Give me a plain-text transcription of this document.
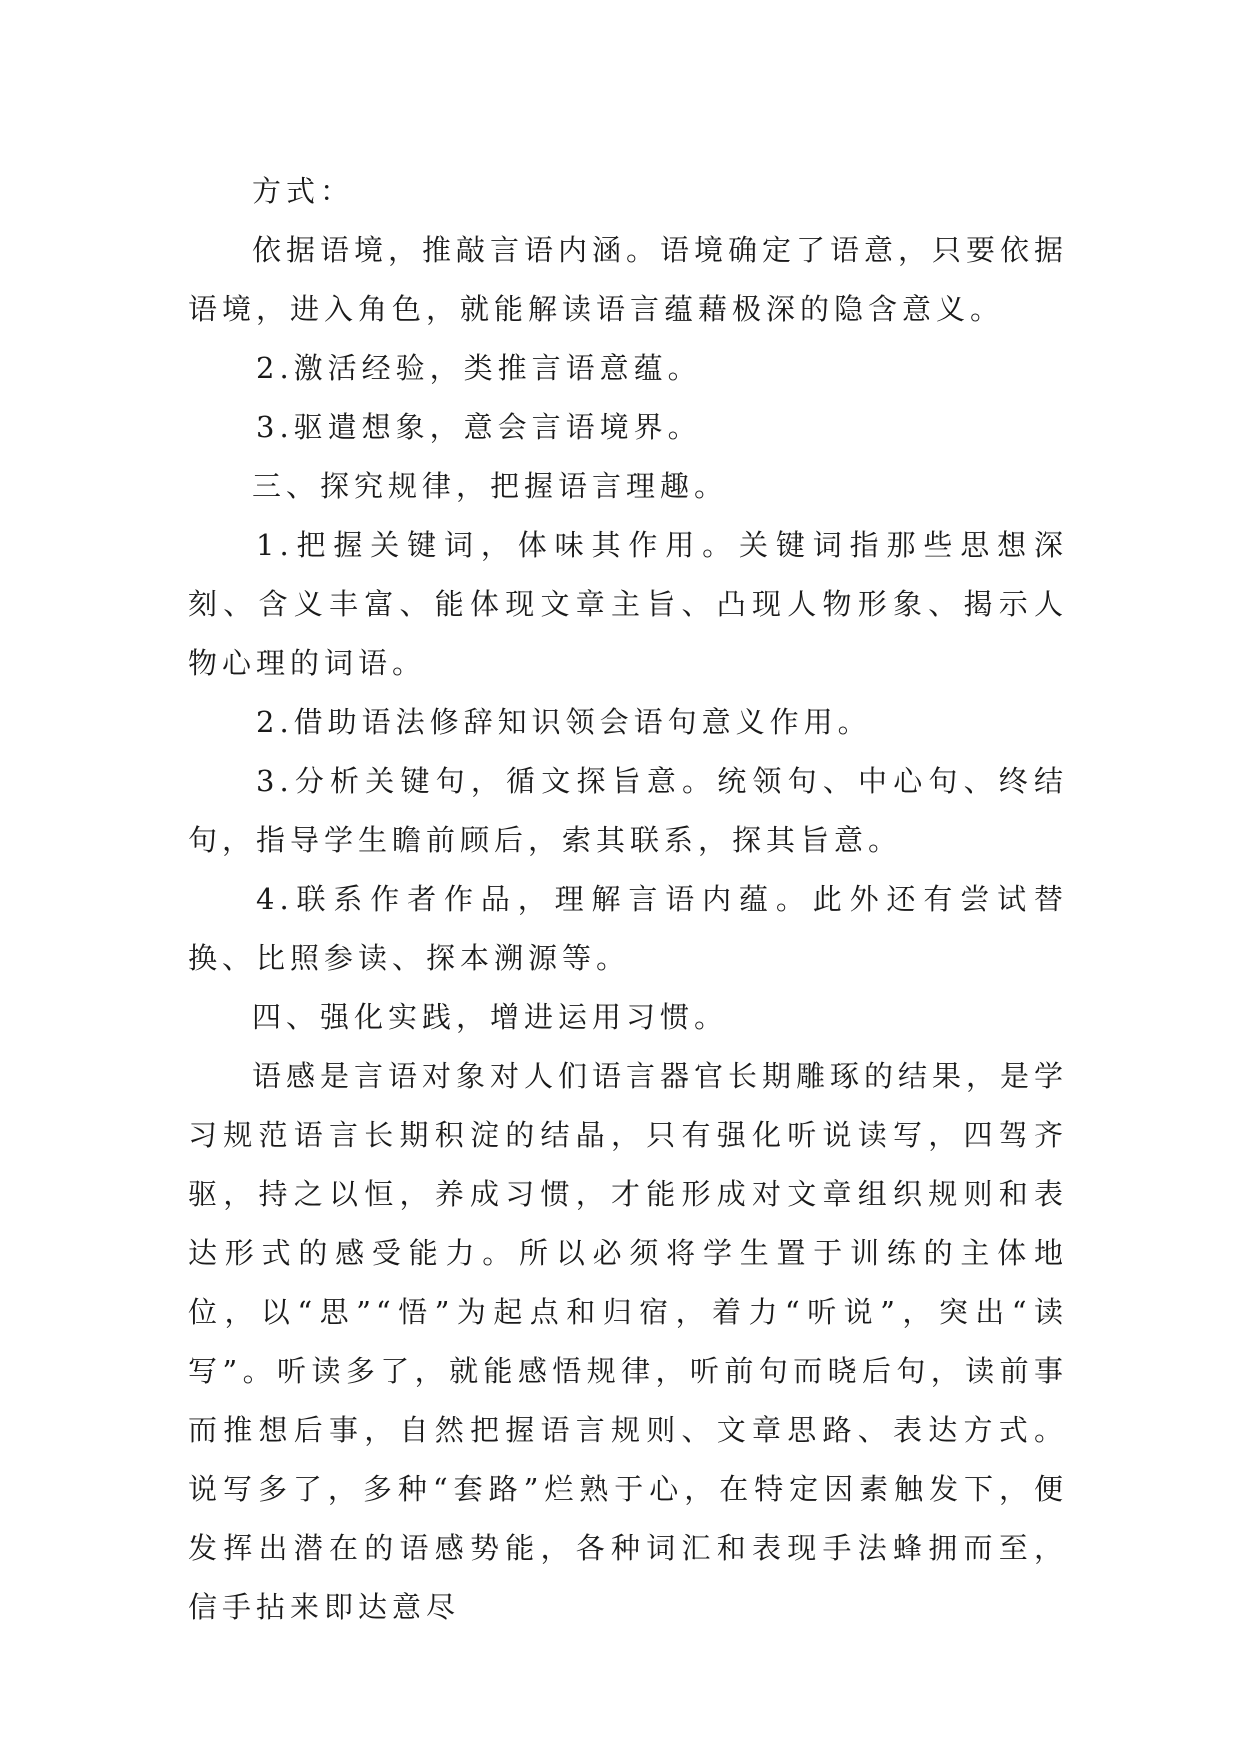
方式：

依据语境，推敲言语内涵。语境确定了语意，只要依据语境，进入角色，就能解读语言蕴藉极深的隐含意义。

2.激活经验，类推言语意蕴。

3.驱遣想象，意会言语境界。

三、探究规律，把握语言理趣。

1.把握关键词，体味其作用。关键词指那些思想深刻、含义丰富、能体现文章主旨、凸现人物形象、揭示人物心理的词语。

2.借助语法修辞知识领会语句意义作用。

3.分析关键句，循文探旨意。统领句、中心句、终结句，指导学生瞻前顾后，索其联系，探其旨意。

4.联系作者作品，理解言语内蕴。此外还有尝试替换、比照参读、探本溯源等。

四、强化实践，增进运用习惯。

语感是言语对象对人们语言器官长期雕琢的结果，是学习规范语言长期积淀的结晶，只有强化听说读写，四驾齐驱，持之以恒，养成习惯，才能形成对文章组织规则和表达形式的感受能力。所以必须将学生置于训练的主体地位，以“思”“悟”为起点和归宿，着力“听说”，突出“读写”。听读多了，就能感悟规律，听前句而晓后句，读前事而推想后事，自然把握语言规则、文章思路、表达方式。说写多了，多种“套路”烂熟于心，在特定因素触发下，便发挥出潜在的语感势能，各种词汇和表现手法蜂拥而至，信手拈来即达意尽
